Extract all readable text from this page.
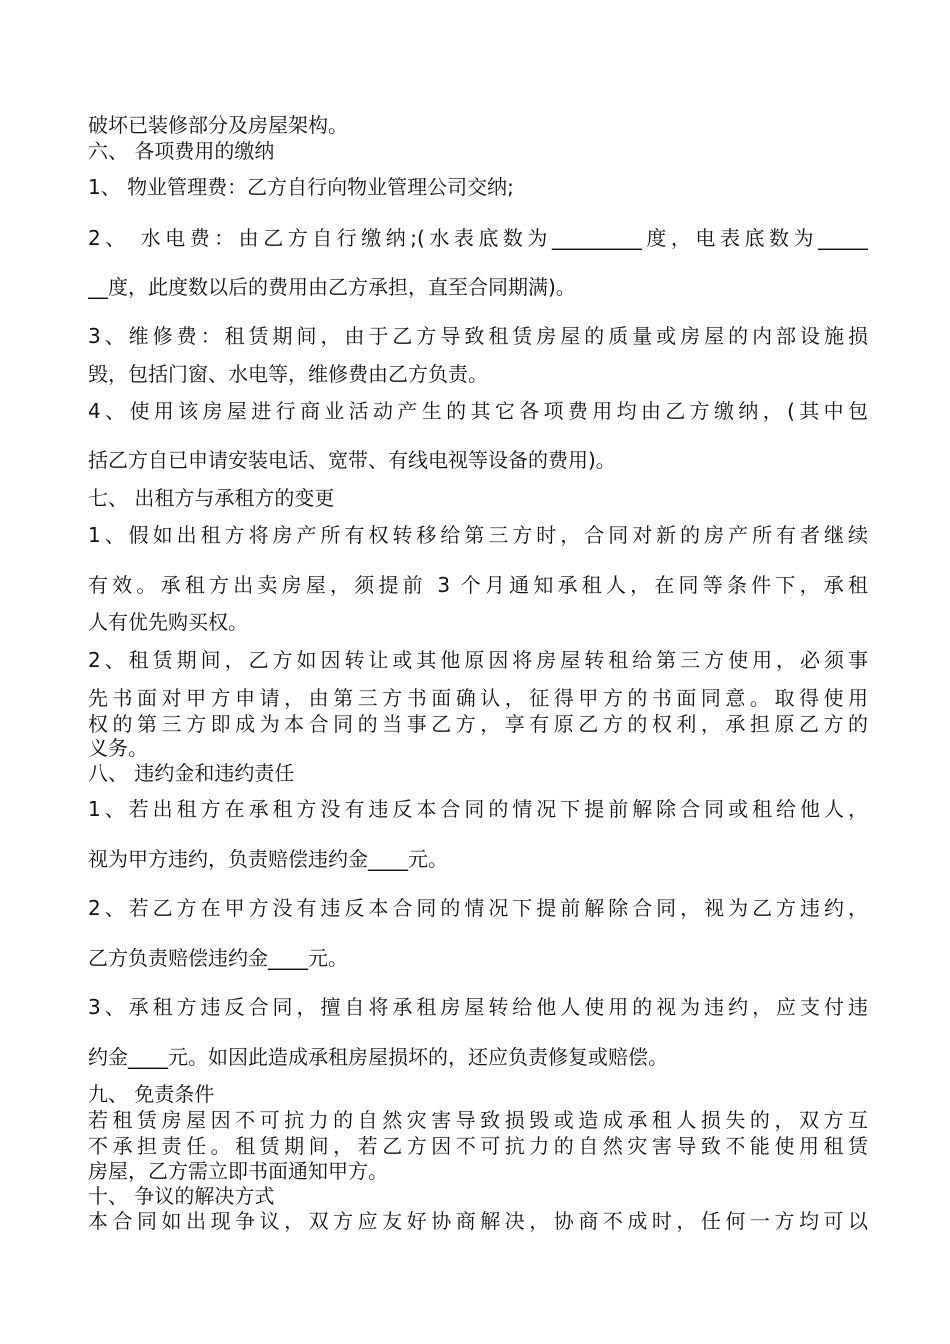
破坏已装修部分及房屋架构。
六、 各项费用的缴纳
1、 物业管理费：乙方自行向物业管理公司交纳;
2、 水电费：由乙方自行缴纳;(水表底数为_________度，电表底数为_____
__度，此度数以后的费用由乙方承担，直至合同期满)。
3、维修费：租赁期间，由于乙方导致租赁房屋的质量或房屋的内部设施损
毁，包括门窗、水电等，维修费由乙方负责。
4、使用该房屋进行商业活动产生的其它各项费用均由乙方缴纳，(其中包
括乙方自已申请安装电话、宽带、有线电视等设备的费用)。
七、 出租方与承租方的变更
1、假如出租方将房产所有权转移给第三方时，合同对新的房产所有者继续
有效。承租方出卖房屋，须提前 3 个月通知承租人，在同等条件下，承租
人有优先购买权。
2、租赁期间，乙方如因转让或其他原因将房屋转租给第三方使用，必须事
先书面对甲方申请，由第三方书面确认，征得甲方的书面同意。取得使用
权的第三方即成为本合同的当事乙方，享有原乙方的权利，承担原乙方的
义务。
八、 违约金和违约责任
1、若出租方在承租方没有违反本合同的情况下提前解除合同或租给他人，
视为甲方违约，负责赔偿违约金____元。
2、若乙方在甲方没有违反本合同的情况下提前解除合同，视为乙方违约，
乙方负责赔偿违约金____元。
3、承租方违反合同，擅自将承租房屋转给他人使用的视为违约，应支付违
约金____元。如因此造成承租房屋损坏的，还应负责修复或赔偿。
九、 免责条件
若租赁房屋因不可抗力的自然灾害导致损毁或造成承租人损失的，双方互
不承担责任。租赁期间，若乙方因不可抗力的自然灾害导致不能使用租赁
房屋，乙方需立即书面通知甲方。
十、 争议的解决方式
本合同如出现争议，双方应友好协商解决，协商不成时，任何一方均可以
